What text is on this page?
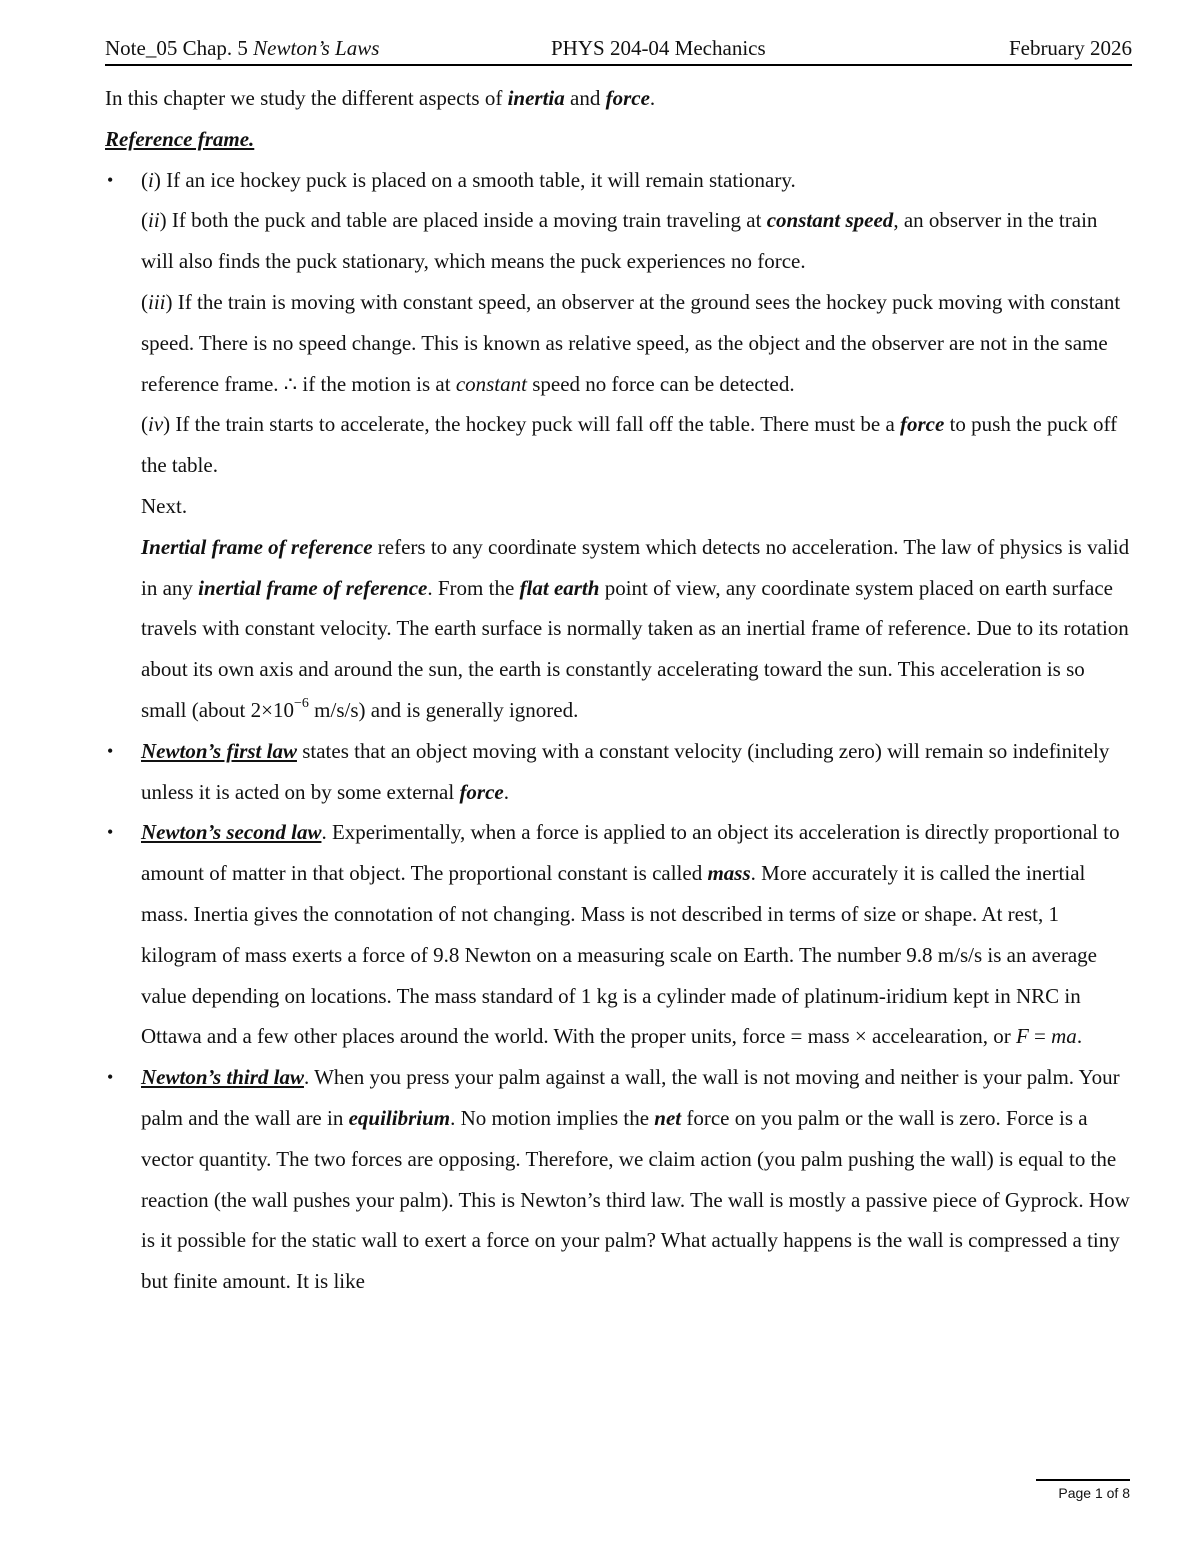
Note_05 Chap. 5 Newton’s Laws	PHYS 204-04 Mechanics	February 2026

In this chapter we study the different aspects of inertia and force.

Reference frame.

• (i) If an ice hockey puck is placed on a smooth table, it will remain stationary.

(ii) If both the puck and table are placed inside a moving train traveling at constant speed, an observer in the train will also finds the puck stationary, which means the puck experiences no force.

(iii) If the train is moving with constant speed, an observer at the ground sees the hockey puck moving with constant speed. There is no speed change. This is known as relative speed, as the object and the observer are not in the same reference frame. ∴ if the motion is at constant speed no force can be detected.

(iv) If the train starts to accelerate, the hockey puck will fall off the table. There must be a force to push the puck off the table.

Next.

Inertial frame of reference refers to any coordinate system which detects no acceleration. The law of physics is valid in any inertial frame of reference. From the flat earth point of view, any coordinate system placed on earth surface travels with constant velocity. The earth surface is normally taken as an inertial frame of reference. Due to its rotation about its own axis and around the sun, the earth is constantly accelerating toward the sun. This acceleration is so small (about $2\times 10^{-6}$ m/s/s) and is generally ignored.

• Newton’s first law states that an object moving with a constant velocity (including zero) will remain so indefinitely unless it is acted on by some external force.

• Newton’s second law. Experimentally, when a force is applied to an object its acceleration is directly proportional to amount of matter in that object. The proportional constant is called mass. More accurately it is called the inertial mass. Inertia gives the connotation of not changing. Mass is not described in terms of size or shape. At rest, 1 kilogram of mass exerts a force of 9.8 Newton on a measuring scale on Earth. The number 9.8 m/s/s is an average value depending on locations. The mass standard of 1 kg is a cylinder made of platinum-iridium kept in NRC in Ottawa and a few other places around the world. With the proper units, force = mass × accelearation, or F = ma.

• Newton’s third law. When you press your palm against a wall, the wall is not moving and neither is your palm. Your palm and the wall are in equilibrium. No motion implies the net force on you palm or the wall is zero. Force is a vector quantity. The two forces are opposing. Therefore, we claim action (you palm pushing the wall) is equal to the reaction (the wall pushes your palm). This is Newton’s third law. The wall is mostly a passive piece of Gyprock. How is it possible for the static wall to exert a force on your palm? What actually happens is the wall is compressed a tiny but finite amount. It is like

Page 1 of 8
